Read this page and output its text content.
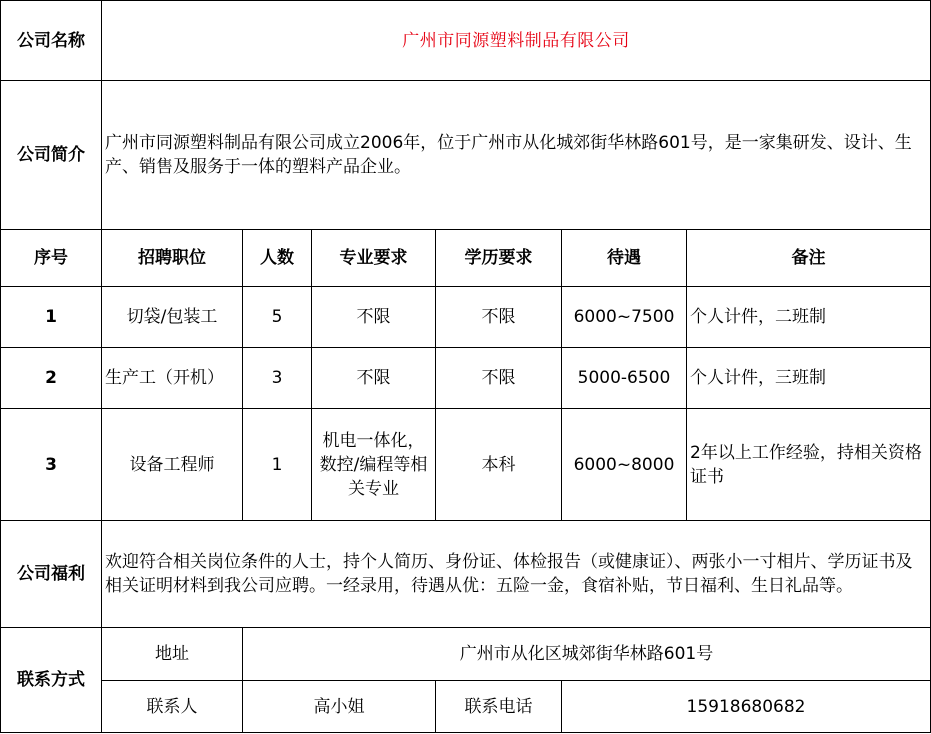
公司名称	广州市同源塑料制品有限公司					
公司简介	广州市同源塑料制品有限公司成立2006年，位于广州市从化城郊街华林路601号，是一家集研发、设计、生产、销售及服务于一体的塑料产品企业。					
序号	招聘职位	人数	专业要求	学历要求	待遇	备注
1	切袋/包装工	5	不限	不限	6000~7500	个人计件，二班制
2	生产工（开机）	3	不限	不限	5000-6500	个人计件，三班制
3	设备工程师	1	机电一体化，数控/编程等相关专业	本科	6000~8000	2年以上工作经验，持相关资格证书
公司福利	欢迎符合相关岗位条件的人士，持个人简历、身份证、体检报告（或健康证）、两张小一寸相片、学历证书及相关证明材料到我公司应聘。一经录用，待遇从优：五险一金，食宿补贴，节日福利、生日礼品等。					
联系方式	地址	广州市从化区城郊街华林路601号				
	联系人	高小姐		联系电话	15918680682	
